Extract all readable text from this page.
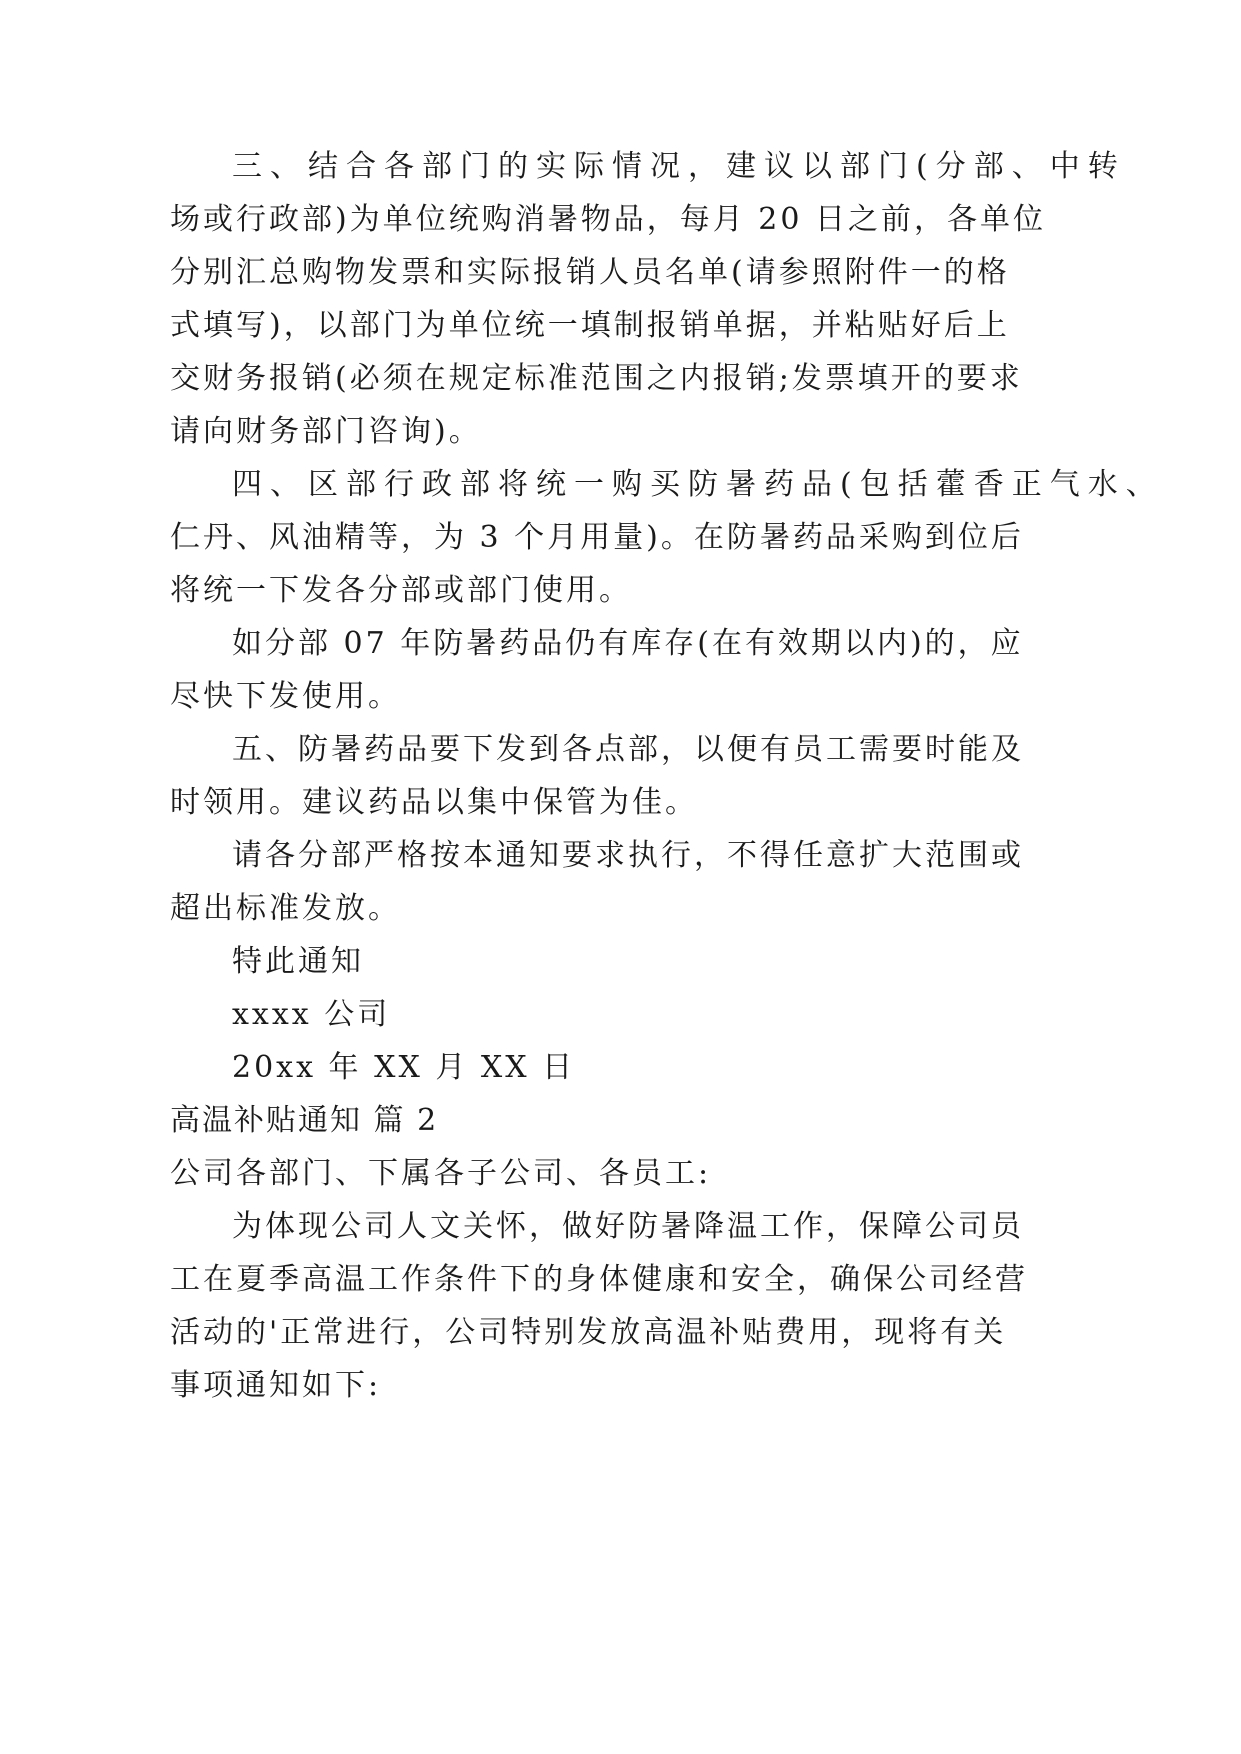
三、结合各部门的实际情况，建议以部门(分部、中转
场或行政部)为单位统购消暑物品，每月 20 日之前，各单位
分别汇总购物发票和实际报销人员名单(请参照附件一的格
式填写)，以部门为单位统一填制报销单据，并粘贴好后上
交财务报销(必须在规定标准范围之内报销;发票填开的要求
请向财务部门咨询)。
四、区部行政部将统一购买防暑药品(包括藿香正气水、
仁丹、风油精等，为 3 个月用量)。在防暑药品采购到位后
将统一下发各分部或部门使用。
如分部 07 年防暑药品仍有库存(在有效期以内)的，应
尽快下发使用。
五、防暑药品要下发到各点部，以便有员工需要时能及
时领用。建议药品以集中保管为佳。
请各分部严格按本通知要求执行，不得任意扩大范围或
超出标准发放。
特此通知
xxxx 公司
20xx 年 XX 月 XX 日
高温补贴通知 篇 2
公司各部门、下属各子公司、各员工:
为体现公司人文关怀，做好防暑降温工作，保障公司员
工在夏季高温工作条件下的身体健康和安全，确保公司经营
活动的'正常进行，公司特别发放高温补贴费用，现将有关
事项通知如下:
